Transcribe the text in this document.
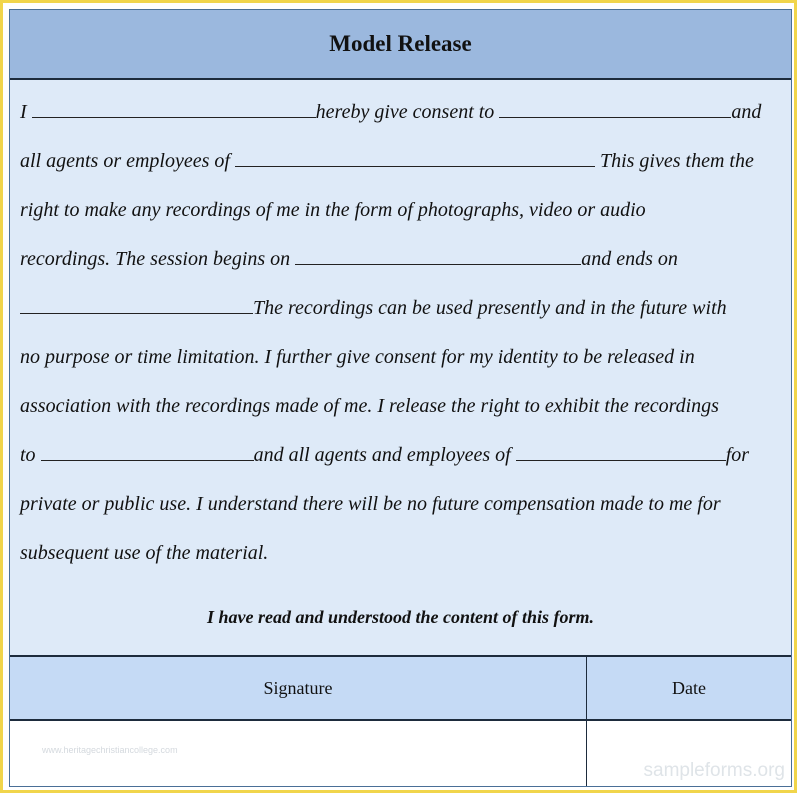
Model Release
I	hereby give consent to	and
all agents or employees of	This gives them the
right to make any recordings of me in the form of photographs, video or audio
recordings. The session begins on	and ends on
The recordings can be used presently and in the future with
no purpose or time limitation. I further give consent for my identity to be released in
association with the recordings made of me. I release the right to exhibit the recordings
to	and all agents and employees of	for
private or public use. I understand there will be no future compensation made to me for
subsequent use of the material.
I have read and understood the content of this form.
Signature	Date
www.heritagechristiancollege.com
sampleforms.org
